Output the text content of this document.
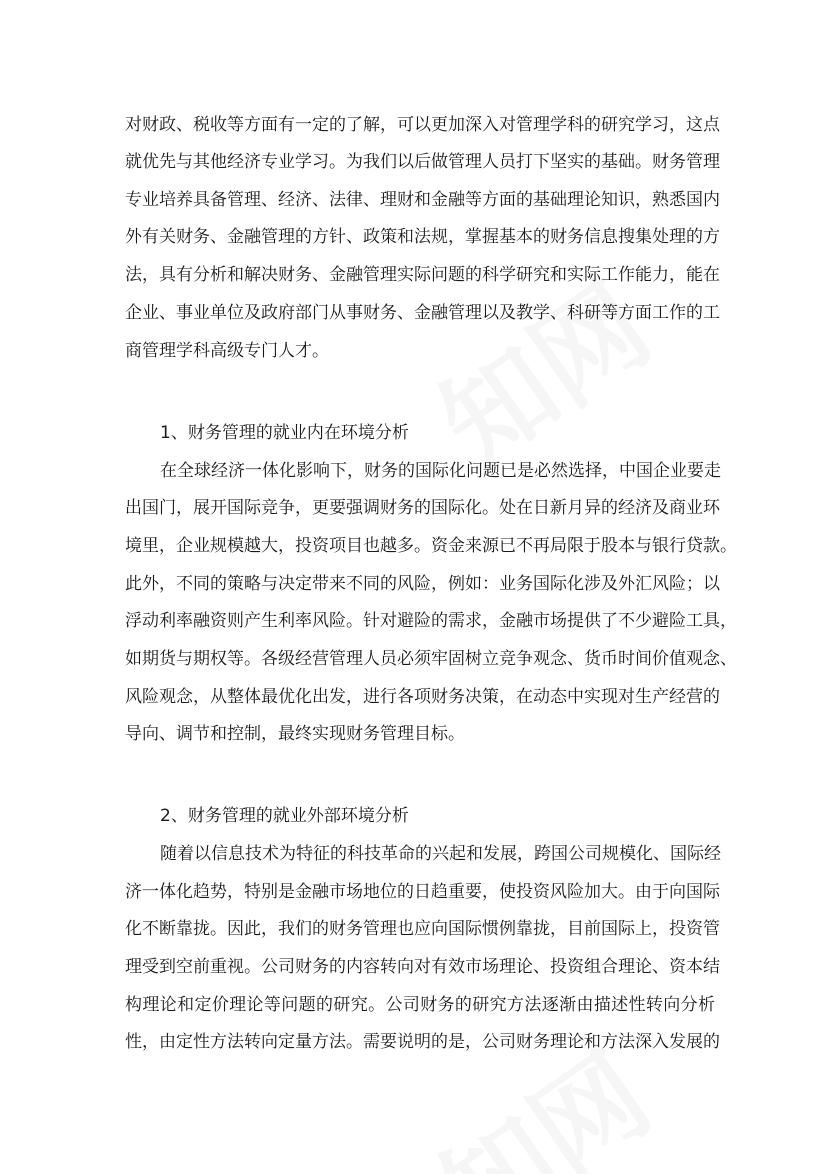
对财政、税收等方面有一定的了解，可以更加深入对管理学科的研究学习，这点
就优先与其他经济专业学习。为我们以后做管理人员打下坚实的基础。财务管理
专业培养具备管理、经济、法律、理财和金融等方面的基础理论知识，熟悉国内
外有关财务、金融管理的方针、政策和法规，掌握基本的财务信息搜集处理的方
法，具有分析和解决财务、金融管理实际问题的科学研究和实际工作能力，能在
企业、事业单位及政府部门从事财务、金融管理以及教学、科研等方面工作的工
商管理学科高级专门人才。
1、财务管理的就业内在环境分析
在全球经济一体化影响下，财务的国际化问题已是必然选择，中国企业要走
出国门，展开国际竞争，更要强调财务的国际化。处在日新月异的经济及商业环
境里，企业规模越大，投资项目也越多。资金来源已不再局限于股本与银行贷款。
此外，不同的策略与决定带来不同的风险，例如：业务国际化涉及外汇风险；以
浮动利率融资则产生利率风险。针对避险的需求，金融市场提供了不少避险工具，
如期货与期权等。各级经营管理人员必须牢固树立竞争观念、货币时间价值观念、
风险观念，从整体最优化出发，进行各项财务决策，在动态中实现对生产经营的
导向、调节和控制，最终实现财务管理目标。
2、财务管理的就业外部环境分析
随着以信息技术为特征的科技革命的兴起和发展，跨国公司规模化、国际经
济一体化趋势，特别是金融市场地位的日趋重要，使投资风险加大。由于向国际
化不断靠拢。因此，我们的财务管理也应向国际惯例靠拢，目前国际上，投资管
理受到空前重视。公司财务的内容转向对有效市场理论、投资组合理论、资本结
构理论和定价理论等问题的研究。公司财务的研究方法逐渐由描述性转向分析
性，由定性方法转向定量方法。需要说明的是，公司财务理论和方法深入发展的
